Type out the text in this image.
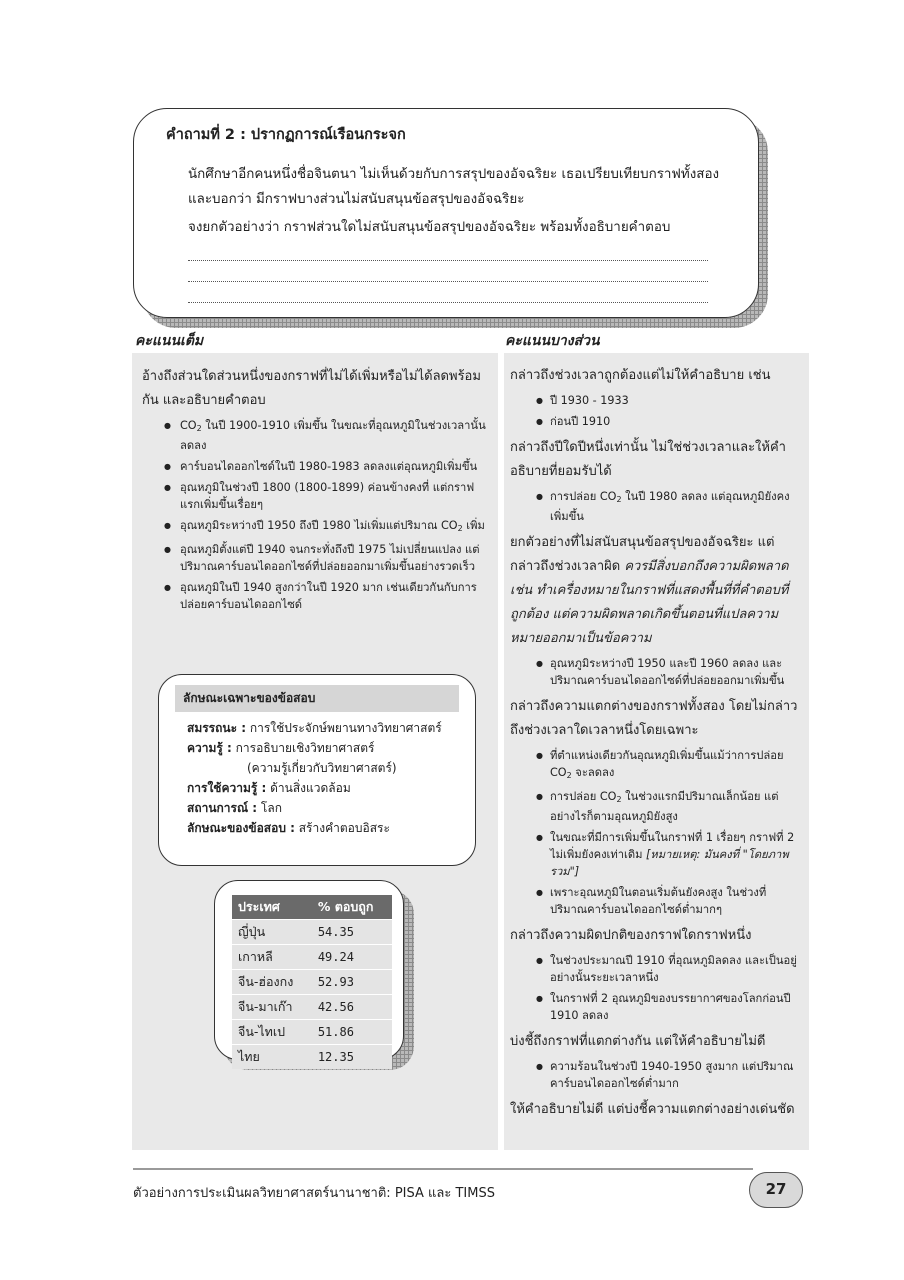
คำถามที่ 2 : ปรากฏการณ์เรือนกระจก

นักศึกษาอีกคนหนึ่งชื่อจินตนา ไม่เห็นด้วยกับการสรุปของอัจฉริยะ เธอเปรียบเทียบกราฟทั้งสอง

และบอกว่า มีกราฟบางส่วนไม่สนับสนุนข้อสรุปของอัจฉริยะ

จงยกตัวอย่างว่า กราฟส่วนใดไม่สนับสนุนข้อสรุปของอัจฉริยะ พร้อมทั้งอธิบายคำตอบ

คะแนนเต็ม	คะแนนบางส่วน
อ้างถึงส่วนใดส่วนหนึ่งของกราฟที่ไม่ได้เพิ่มหรือไม่ได้ลดพร้อมกัน และอธิบายคำตอบ
● $CO_2$ ในปี 1900-1910 เพิ่มขึ้น ในขณะที่อุณหภูมิในช่วงเวลานั้นลดลง
● คาร์บอนไดออกไซด์ในปี 1980-1983 ลดลงแต่อุณหภูมิเพิ่มขึ้น
● อุณหภูมิในช่วงปี 1800 (1800-1899) ค่อนข้างคงที่ แต่กราฟแรกเพิ่มขึ้นเรื่อยๆ
● อุณหภูมิระหว่างปี 1950 ถึงปี 1980 ไม่เพิ่มแต่ปริมาณ $CO_2$ เพิ่ม
● อุณหภูมิตั้งแต่ปี 1940 จนกระทั่งถึงปี 1975 ไม่เปลี่ยนแปลง แต่ปริมาณคาร์บอนไดออกไซด์ที่ปล่อยออกมาเพิ่มขึ้นอย่างรวดเร็ว
● อุณหภูมิในปี 1940 สูงกว่าในปี 1920 มาก เช่นเดียวกันกับการปล่อยคาร์บอนไดออกไซด์
ลักษณะเฉพาะของข้อสอบ
สมรรถนะ : การใช้ประจักษ์พยานทางวิทยาศาสตร์
ความรู้ : การอธิบายเชิงวิทยาศาสตร์
(ความรู้เกี่ยวกับวิทยาศาสตร์)
การใช้ความรู้ : ด้านสิ่งแวดล้อม
สถานการณ์ : โลก
ลักษณะของข้อสอบ : สร้างคำตอบอิสระ
ประเทศ	% ตอบถูก
ญี่ปุ่น	54.35
เกาหลี	49.24
จีน-ฮ่องกง	52.93
จีน-มาเก๊า	42.56
จีน-ไทเป	51.86
ไทย	12.35
กล่าวถึงช่วงเวลาถูกต้องแต่ไม่ให้คำอธิบาย เช่น
● ปี 1930 - 1933
● ก่อนปี 1910
กล่าวถึงปีใดปีหนึ่งเท่านั้น ไม่ใช่ช่วงเวลาและให้คำอธิบายที่ยอมรับได้
● การปล่อย $CO_2$ ในปี 1980 ลดลง แต่อุณหภูมิยังคงเพิ่มขึ้น
ยกตัวอย่างที่ไม่สนับสนุนข้อสรุปของอัจฉริยะ แต่กล่าวถึงช่วงเวลาผิด ควรมีสิ่งบอกถึงความผิดพลาด เช่น ทำเครื่องหมายในกราฟที่แสดงพื้นที่ที่คำตอบที่ถูกต้อง แต่ความผิดพลาดเกิดขึ้นตอนที่แปลความหมายออกมาเป็นข้อความ
● อุณหภูมิระหว่างปี 1950 และปี 1960 ลดลง และปริมาณคาร์บอนไดออกไซด์ที่ปล่อยออกมาเพิ่มขึ้น
กล่าวถึงความแตกต่างของกราฟทั้งสอง โดยไม่กล่าวถึงช่วงเวลาใดเวลาหนึ่งโดยเฉพาะ
● ที่ตำแหน่งเดียวกันอุณหภูมิเพิ่มขึ้นแม้ว่าการปล่อย $CO_2$ จะลดลง
● การปล่อย $CO_2$ ในช่วงแรกมีปริมาณเล็กน้อย แต่อย่างไรก็ตามอุณหภูมิยังสูง
● ในขณะที่มีการเพิ่มขึ้นในกราฟที่ 1 เรื่อยๆ กราฟที่ 2 ไม่เพิ่มยังคงเท่าเดิม [หมายเหตุ: มันคงที่ "โดยภาพรวม"]
● เพราะอุณหภูมิในตอนเริ่มต้นยังคงสูง ในช่วงที่ปริมาณคาร์บอนไดออกไซด์ต่ำมากๆ
กล่าวถึงความผิดปกติของกราฟใดกราฟหนึ่ง
● ในช่วงประมาณปี 1910 ที่อุณหภูมิลดลง และเป็นอยู่อย่างนั้นระยะเวลาหนึ่ง
● ในกราฟที่ 2 อุณหภูมิของบรรยากาศของโลกก่อนปี 1910 ลดลง
บ่งชี้ถึงกราฟที่แตกต่างกัน แต่ให้คำอธิบายไม่ดี
● ความร้อนในช่วงปี 1940-1950 สูงมาก แต่ปริมาณคาร์บอนไดออกไซด์ต่ำมาก
ให้คำอธิบายไม่ดี แต่บ่งชี้ความแตกต่างอย่างเด่นชัด
ตัวอย่างการประเมินผลวิทยาศาสตร์นานาชาติ: PISA และ TIMSS	27
